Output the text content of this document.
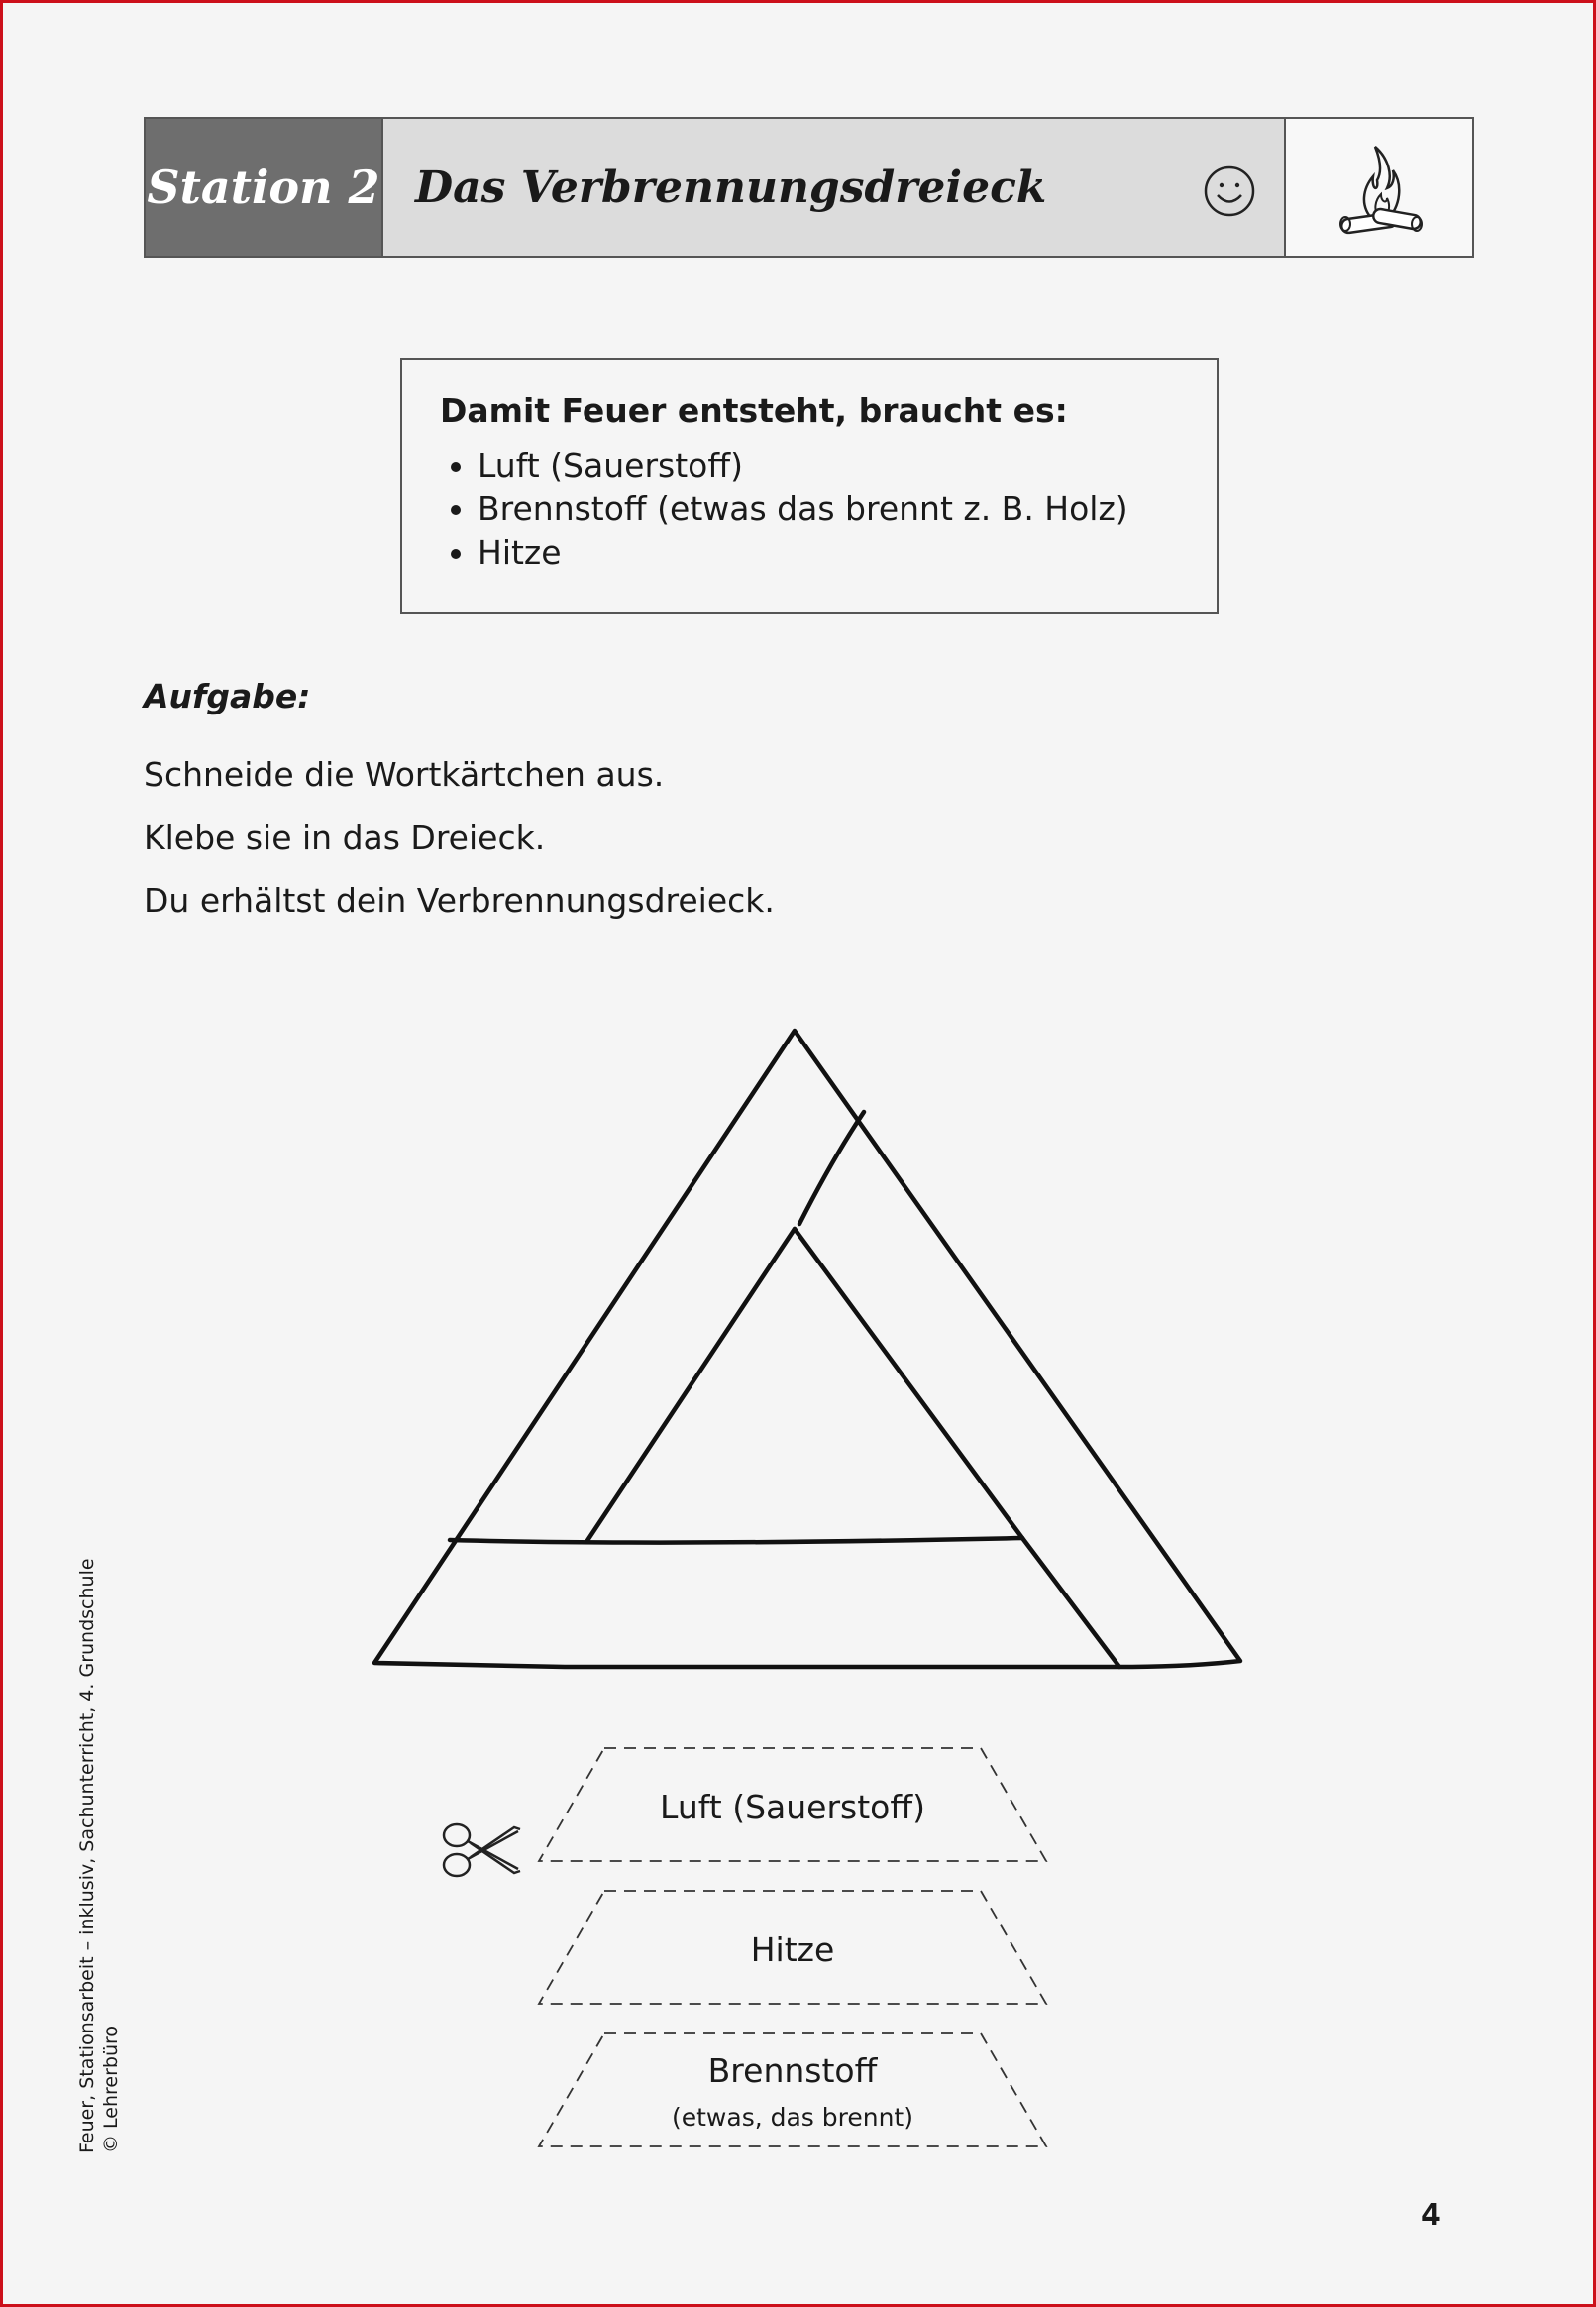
Station 2 Das Verbrennungsdreieck
Damit Feuer entsteht, braucht es:
• Luft (Sauerstoff)
• Brennstoff (etwas das brennt z. B. Holz)
• Hitze
Aufgabe:
Schneide die Wortkärtchen aus.
Klebe sie in das Dreieck.
Du erhältst dein Verbrennungsdreieck.
Luft (Sauerstoff)
Hitze
Brennstoff
(etwas, das brennt)
Feuer, Stationsarbeit – inklusiv, Sachunterricht, 4. Grundschule © Lehrerbüro
4
